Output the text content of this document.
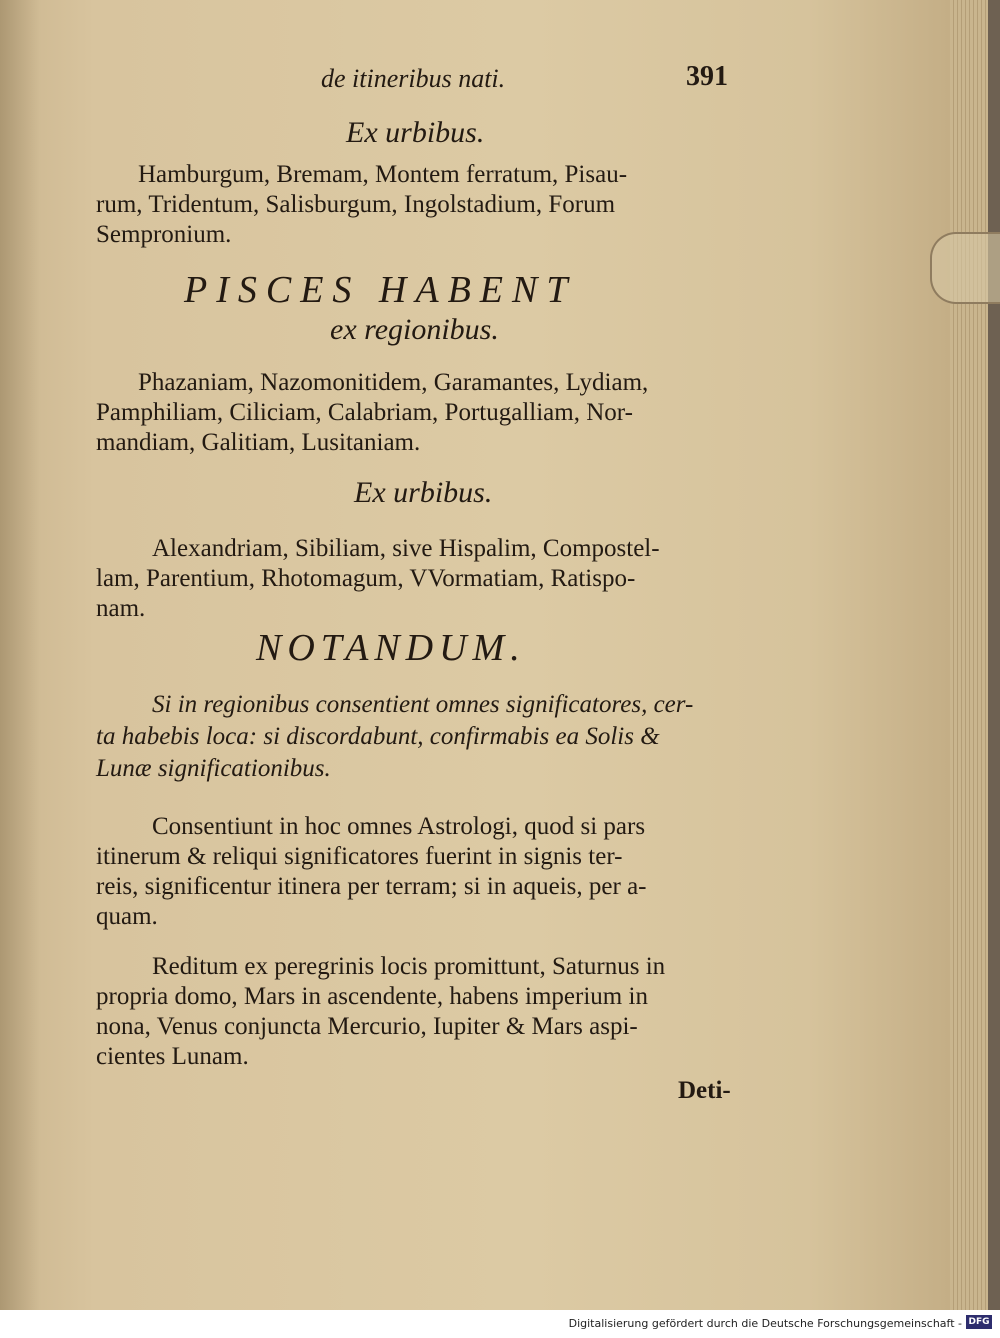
de itineribus nati.	391
Ex urbibus.
Hamburgum, Bremam, Montem ferratum, Pisau-
rum, Tridentum, Salisburgum, Ingolstadium, Forum
Sempronium.
PISCES HABENT
ex regionibus.
Phazaniam, Nazomonitidem, Garamantes, Lydiam,
Pamphiliam, Ciliciam, Calabriam, Portugalliam, Nor-
mandiam, Galitiam, Lusitaniam.
Ex urbibus.
Alexandriam, Sibiliam, sive Hispalim, Compostel-
lam, Parentium, Rhotomagum, VVormatiam, Ratispo-
nam.
NOTANDUM.
Si in regionibus consentient omnes significatores, cer-
ta habebis loca: si discordabunt, confirmabis ea Solis &
Lunæ significationibus.
Consentiunt in hoc omnes Astrologi, quod si pars
itinerum & reliqui significatores fuerint in signis ter-
reis, significentur itinera per terram; si in aqueis, per a-
quam.
Reditum ex peregrinis locis promittunt, Saturnus in
propria domo, Mars in ascendente, habens imperium in
nona, Venus conjuncta Mercurio, Iupiter & Mars aspi-
cientes Lunam.
Deti-
Digitalisierung gefördert durch die Deutsche Forschungsgemeinschaft - DFG
